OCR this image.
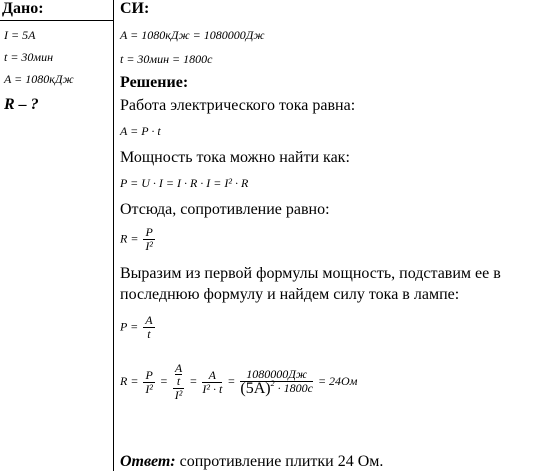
Дано:
I = 5A
t = 30мин
A = 1080кДж
R – ?
СИ:
A = 1080кДж = 1080000Дж
t = 30мин = 1800с
Решение:
Работа электрического тока равна:
A = P · t
Мощность тока можно найти как:
P = U · I = I · R · I = I² · R
Отсюда, сопротивление равно:
$R = \frac{P}{\text{I²}}$
Выразим из первой формулы мощность, подставим ее в
последнюю формулу и найдем силу тока в лампе:
$P = \frac{A}{t}$
$R = \frac{P}{\text{I²}} = \frac{\frac{A}{t}}{\text{I²}} = \frac{A}{\text{I² · t}} = \frac{1080000Дж}{(5A)^2 \cdot 1800с} = 24Ом$
Ответ: сопротивление плитки 24 Ом.
